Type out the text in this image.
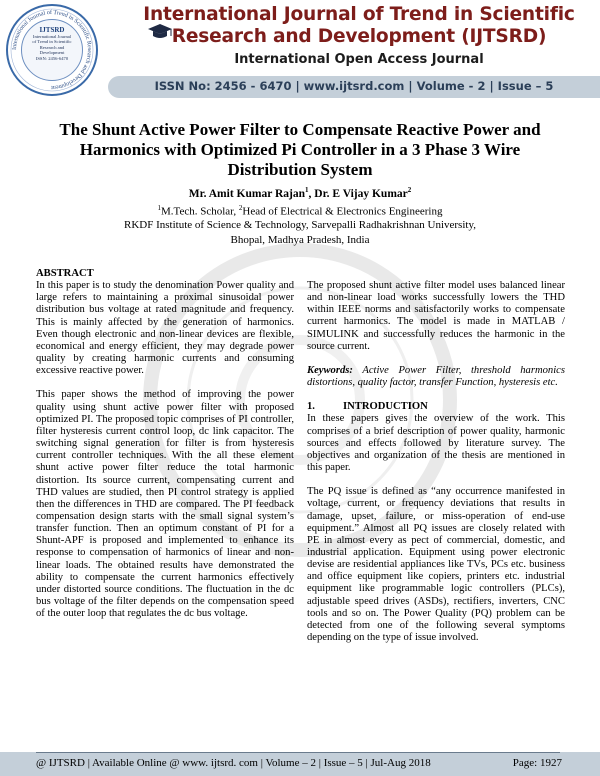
International Journal of Trend in Scientific Research and Development
IJTSRD
International Journal
of Trend in Scientific
Research and
Development
ISSN: 2456-6470
International Journal of Trend in Scientific
Research and Development (IJTSRD)
International Open Access Journal
ISSN No: 2456 - 6470 | www.ijtsrd.com | Volume - 2 | Issue – 5
The Shunt Active Power Filter to Compensate Reactive Power and
Harmonics with Optimized Pi Controller in a 3 Phase 3 Wire
Distribution System
Mr. Amit Kumar Rajan$^1$, Dr. E Vijay Kumar$^2$
$^1$M.Tech. Scholar, $^2$Head of Electrical & Electronics Engineering
RKDF Institute of Science & Technology, Sarvepalli Radhakrishnan University,
Bhopal, Madhya Pradesh, India

ABSTRACT

In this paper is to study the denomination Power quality and large refers to maintaining a proximal sinusoidal power distribution bus voltage at rated magnitude and frequency. This is mainly affected by the generation of harmonics. Even though electronic and non-linear devices are flexible, economical and energy efficient, they may degrade power quality by creating harmonic currents and consuming excessive reactive power.

This paper shows the method of improving the power quality using shunt active power filter with proposed optimized PI. The proposed topic comprises of PI controller, filter hysteresis current control loop, dc link capacitor. The switching signal generation for filter is from hysteresis current controller techniques. With the all these element shunt active power filter reduce the total harmonic distortion. Its source current, compensating current and THD values are studied, then PI control strategy is applied then the differences in THD are compared. The PI feedback compensation design starts with the small signal system’s transfer function. Then an optimum constant of PI for a Shunt-APF is proposed and implemented to enhance its response to compensation of harmonics of linear and non-linear loads. The obtained results have demonstrated the ability to compensate the current harmonics effectively under distorted source conditions. The fluctuation in the dc bus voltage of the filter depends on the compensation speed of the outer loop that regulates the dc bus voltage.

The proposed shunt active filter model uses balanced linear and non-linear load works successfully lowers the THD within IEEE norms and satisfactorily works to compensate current harmonics. The model is made in MATLAB / SIMULINK and successfully reduces the harmonic in the source current.

Keywords: Active Power Filter, threshold harmonics distortions, quality factor, transfer Function, hysteresis etc.

1.	INTRODUCTION

In these papers gives the overview of the work. This comprises of a brief description of power quality, harmonic sources and effects followed by literature survey. The objectives and organization of the thesis are mentioned in this paper.

The PQ issue is defined as “any occurrence manifested in voltage, current, or frequency deviations that results in damage, upset, failure, or miss-operation of end-use equipment.” Almost all PQ issues are closely related with PE in almost every as pect of commercial, domestic, and industrial application. Equipment using power electronic devise are residential appliances like TVs, PCs etc. business and office equipment like copiers, printers etc. industrial equipment like programmable logic controllers (PLCs), adjustable speed drives (ASDs), rectifiers, inverters, CNC tools and so on. The Power Quality (PQ) problem can be detected from one of the following several symptoms depending on the type of issue involved.

@ IJTSRD | Available Online @ www. ijtsrd. com | Volume – 2 | Issue – 5 | Jul-Aug 2018	Page: 1927
